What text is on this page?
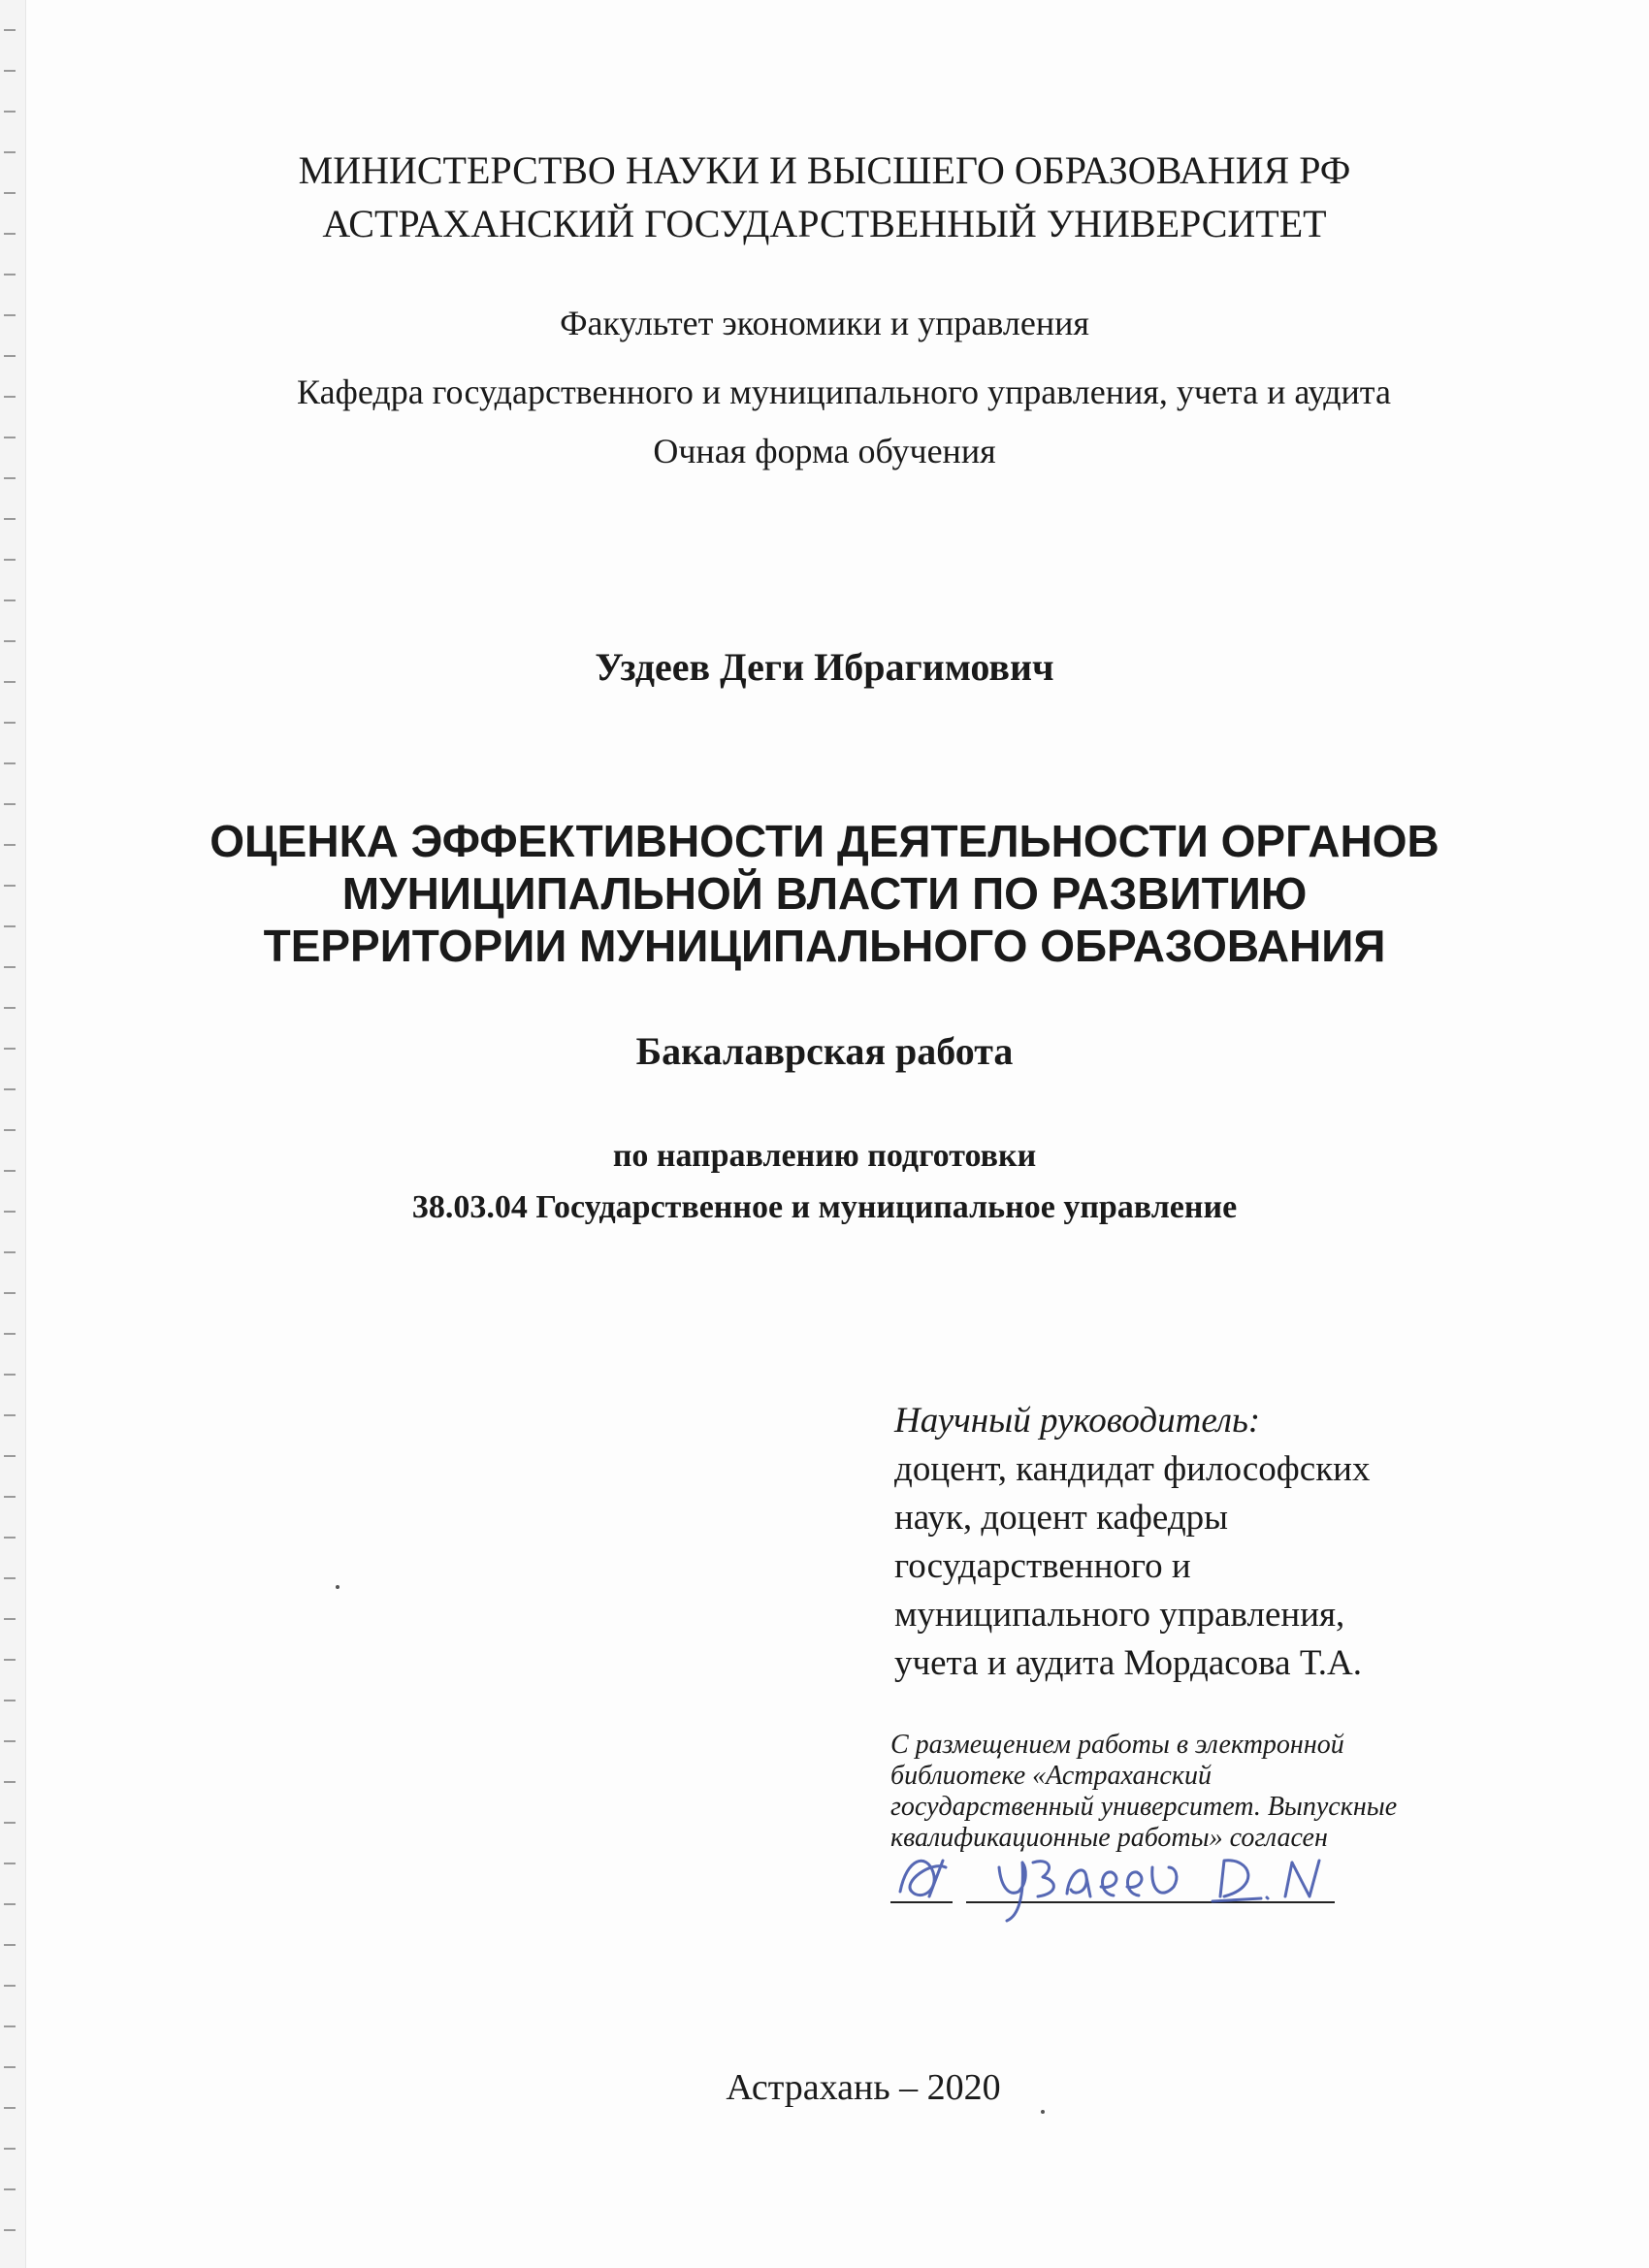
МИНИСТЕРСТВО НАУКИ И ВЫСШЕГО ОБРАЗОВАНИЯ РФ
АСТРАХАНСКИЙ ГОСУДАРСТВЕННЫЙ УНИВЕРСИТЕТ
Факультет экономики и управления
Кафедра государственного и муниципального управления, учета и аудита
Очная форма обучения
Уздеев Деги Ибрагимович
ОЦЕНКА ЭФФЕКТИВНОСТИ ДЕЯТЕЛЬНОСТИ ОРГАНОВ
МУНИЦИПАЛЬНОЙ ВЛАСТИ ПО РАЗВИТИЮ
ТЕРРИТОРИИ МУНИЦИПАЛЬНОГО ОБРАЗОВАНИЯ
Бакалаврская работа
по направлению подготовки
38.03.04 Государственное и муниципальное управление
Научный руководитель:
доцент, кандидат философских
наук, доцент кафедры
государственного и
муниципального управления,
учета и аудита Мордасова Т.А.
С размещением работы в электронной
библиотеке «Астраханский
государственный университет. Выпускные
квалификационные работы» согласен
Астрахань – 2020
